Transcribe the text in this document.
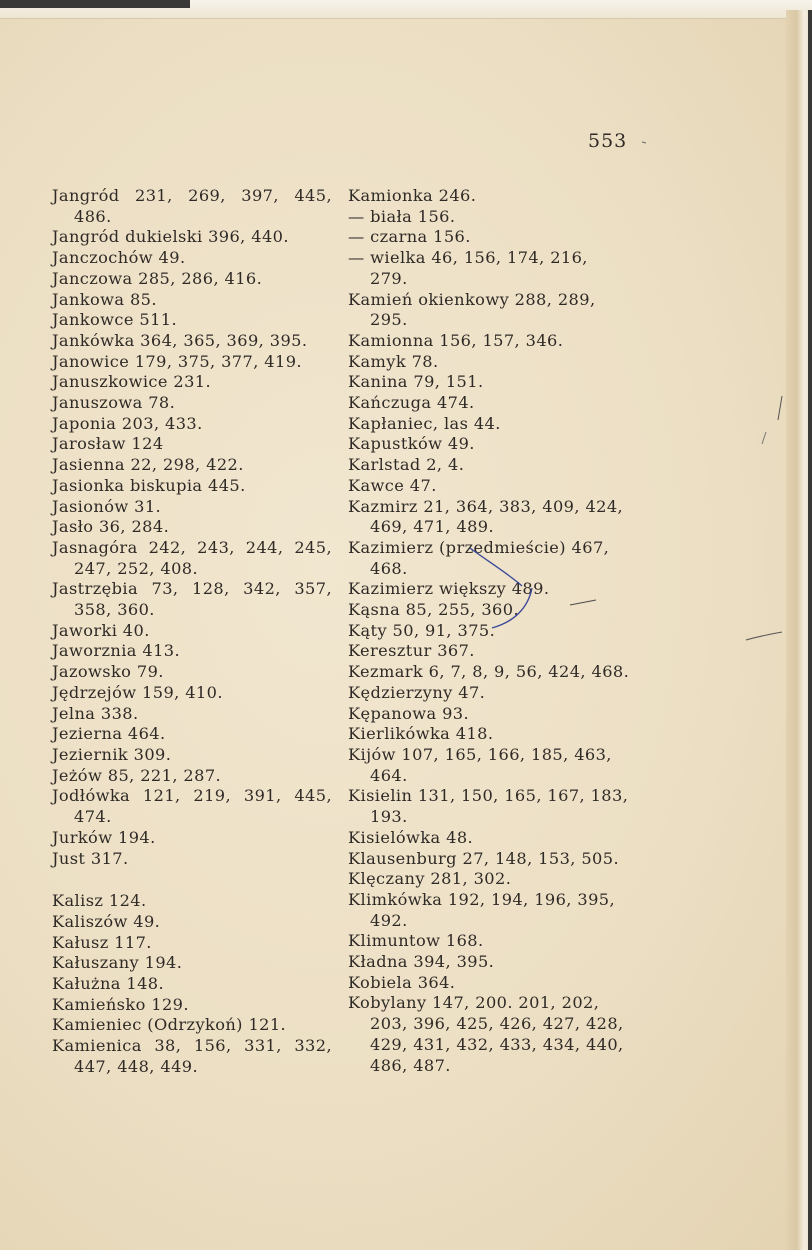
553
Jangród 231, 269, 397, 445, 486.
Jangród dukielski 396, 440.
Janczochów 49.
Janczowa 285, 286, 416.
Jankowa 85.
Jankowce 511.
Jankówka 364, 365, 369, 395.
Janowice 179, 375, 377, 419.
Januszkowice 231.
Januszowa 78.
Japonia 203, 433.
Jarosław 124
Jasienna 22, 298, 422.
Jasionka biskupia 445.
Jasionów 31.
Jasło 36, 284.
Jasnagóra 242, 243, 244, 245, 247, 252, 408.
Jastrzębia 73, 128, 342, 357, 358, 360.
Jaworki 40.
Jaworznia 413.
Jazowsko 79.
Jędrzejów 159, 410.
Jelna 338.
Jezierna 464.
Jeziernik 309.
Jeżów 85, 221, 287.
Jodłówka 121, 219, 391, 445, 474.
Jurków 194.
Just 317.
Kalisz 124.
Kaliszów 49.
Kałusz 117.
Kałuszany 194.
Kałużna 148.
Kamieńsko 129.
Kamieniec (Odrzykoń) 121.
Kamienica 38, 156, 331, 332, 447, 448, 449.
Kamionka 246.
— biała 156.
— czarna 156.
— wielka 46, 156, 174, 216, 279.
Kamień okienkowy 288, 289, 295.
Kamionna 156, 157, 346.
Kamyk 78.
Kanina 79, 151.
Kańczuga 474.
Kapłaniec, las 44.
Kapustków 49.
Karlstad 2, 4.
Kawce 47.
Kazmirz 21, 364, 383, 409, 424, 469, 471, 489.
Kazimierz (przedmieście) 467, 468.
Kazimierz większy 489.
Kąsna 85, 255, 360.
Kąty 50, 91, 375.
Keresztur 367.
Kezmark 6, 7, 8, 9, 56, 424, 468.
Kędzierzyny 47.
Kępanowa 93.
Kierlikówka 418.
Kijów 107, 165, 166, 185, 463, 464.
Kisielin 131, 150, 165, 167, 183, 193.
Kisielówka 48.
Klausenburg 27, 148, 153, 505.
Klęczany 281, 302.
Klimkówka 192, 194, 196, 395, 492.
Klimuntow 168.
Kładna 394, 395.
Kobiela 364.
Kobylany 147, 200. 201, 202, 203, 396, 425, 426, 427, 428, 429, 431, 432, 433, 434, 440, 486, 487.
